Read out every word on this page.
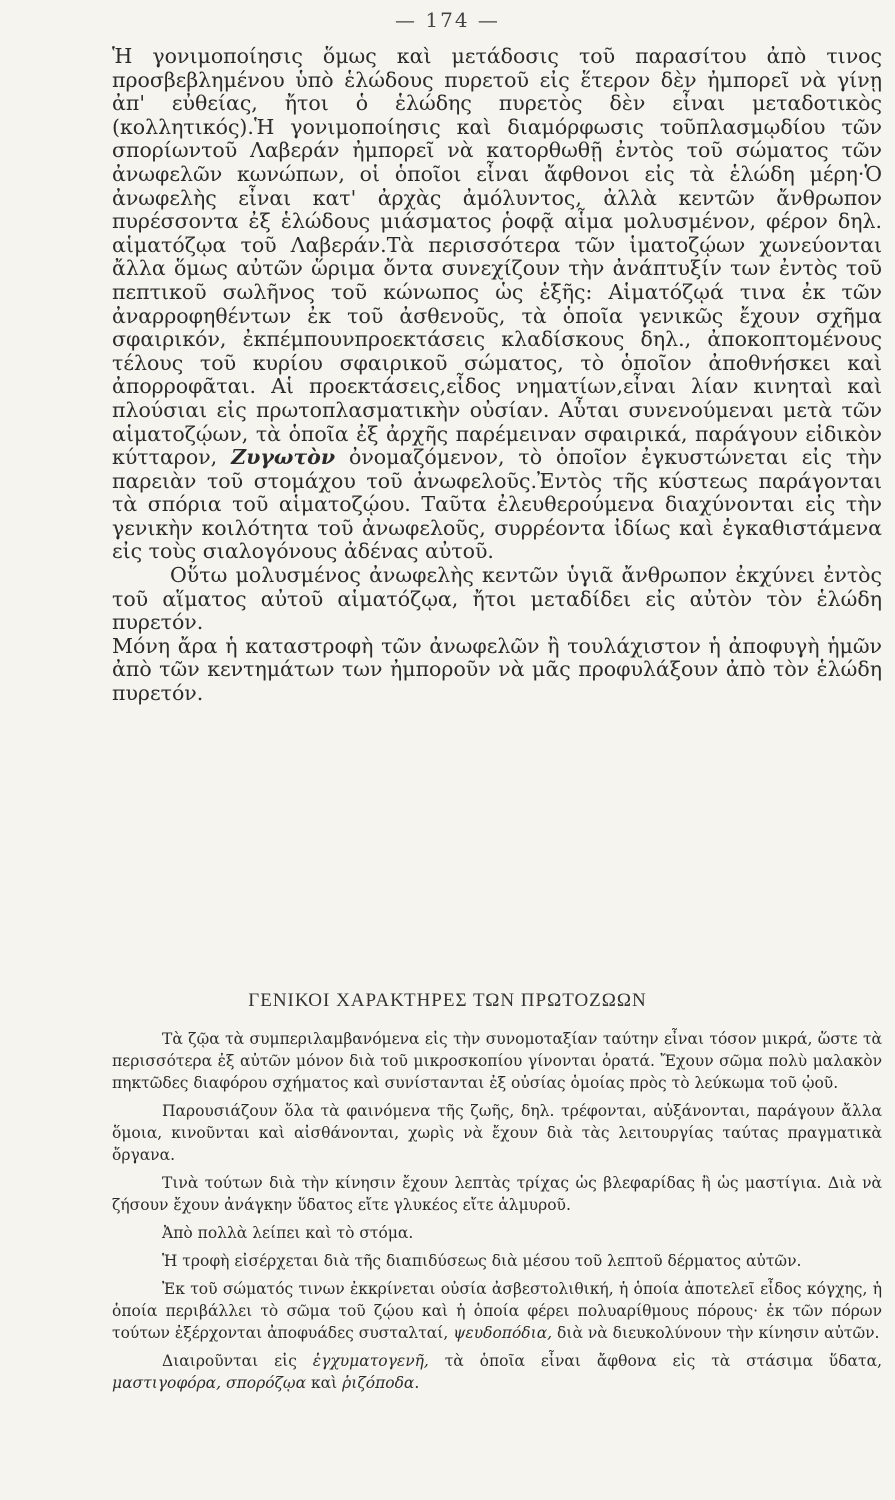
— 174 —

Ἡ γονιμοποίησις ὅμως καὶ μετάδοσις τοῦ παρασίτου ἀπὸ τινος προσβεβλημένου ὑπὸ ἑλώδους πυρετοῦ εἰς ἕτερον δὲν ἠμπορεῖ νὰ γίνῃ ἀπ' εὐθείας, ἤτοι ὁ ἑλώδης πυρετὸς δὲν εἶναι μεταδοτικὸς (κολλητικός).Ἡ γονιμοποίησις καὶ διαμόρφωσις τοῦπλασμῳδίου τῶν σπορίωντοῦ Λαβεράν ἠμπορεῖ νὰ κατορθωθῇ ἐντὸς τοῦ σώματος τῶν ἀνωφελῶν κωνώπων, οἱ ὁποῖοι εἶναι ἄφθονοι εἰς τὰ ἑλώδη μέρη·Ὁ ἀνωφελὴς εἶναι κατ' ἀρχὰς ἀμόλυντος, ἀλλὰ κεντῶν ἄνθρωπον πυρέσσοντα ἐξ ἑλώδους μιάσματος ῥοφᾷ αἷμα μολυσμένον, φέρον δηλ. αἱματόζῳα τοῦ Λαβεράν.Τὰ περισσότερα τῶν ἱματοζῴων χωνεύονται ἄλλα ὅμως αὐτῶν ὥριμα ὄντα συνεχίζουν τὴν ἀνάπτυξίν των ἐντὸς τοῦ πεπτικοῦ σωλῆνος τοῦ κώνωπος ὡς ἑξῆς: Αἱματόζῳά τινα ἐκ τῶν ἀναρροφηθέντων ἐκ τοῦ ἀσθενοῦς, τὰ ὁποῖα γενικῶς ἔχουν σχῆμα σφαιρικόν, ἐκπέμπουνπροεκτάσεις κλαδίσκους δηλ., ἀποκοπτομένους τέλους τοῦ κυρίου σφαιρικοῦ σώματος, τὸ ὁποῖον ἀποθνήσκει καὶ ἀπορροφᾶται. Αἱ προεκτάσεις,εἶδος νηματίων,εἶναι λίαν κινηταὶ καὶ πλούσιαι εἰς πρωτοπλασματικὴν οὐσίαν. Αὗται συνενούμεναι μετὰ τῶν αἱματοζῴων, τὰ ὁποῖα ἐξ ἀρχῆς παρέμειναν σφαιρικά, παράγουν εἰδικὸν κύτταρον, Ζυγωτὸν ὀνομαζόμενον, τὸ ὁποῖον ἐγκυστώνεται εἰς τὴν παρειὰν τοῦ στομάχου τοῦ ἀνωφελοῦς.Ἐντὸς τῆς κύστεως παράγονται τὰ σπόρια τοῦ αἱματοζῴου. Ταῦτα ἐλευθερούμενα διαχύνονται εἰς τὴν γενικὴν κοιλότητα τοῦ ἀνωφελοῦς, συρρέοντα ἰδίως καὶ ἐγκαθιστάμενα εἰς τοὺς σιαλογόνους ἀδένας αὐτοῦ.

Οὕτω μολυσμένος ἀνωφελὴς κεντῶν ὑγιᾶ ἄνθρωπον ἐκχύνει ἐντὸς τοῦ αἵματος αὐτοῦ αἱματόζῳα, ἤτοι μεταδίδει εἰς αὐτὸν τὸν ἑλώδη πυρετόν.

Μόνη ἄρα ἡ καταστροφὴ τῶν ἀνωφελῶν ἢ τουλάχιστον ἡ ἀποφυγὴ ἡμῶν ἀπὸ τῶν κεντημάτων των ἠμποροῦν νὰ μᾶς προφυλάξουν ἀπὸ τὸν ἑλώδη πυρετόν.

ΓΕΝΙΚΟΙ ΧΑΡΑΚΤΗΡΕΣ ΤΩΝ ΠΡΩΤΟΖΩΩΝ

Τὰ ζῷα τὰ συμπεριλαμβανόμενα εἰς τὴν συνομοταξίαν ταύτην εἶναι τόσον μικρά, ὥστε τὰ περισσότερα ἐξ αὐτῶν μόνον διὰ τοῦ μικροσκοπίου γίνονται ὁρατά. Ἔχουν σῶμα πολὺ μαλακὸν πηκτῶδες διαφόρου σχήματος καὶ συνίστανται ἐξ οὐσίας ὁμοίας πρὸς τὸ λεύκωμα τοῦ ᾠοῦ.

Παρουσιάζουν ὅλα τὰ φαινόμενα τῆς ζωῆς, δηλ. τρέφονται, αὐξάνονται, παράγουν ἄλλα ὅμοια, κινοῦνται καὶ αἰσθάνονται, χωρὶς νὰ ἔχουν διὰ τὰς λειτουργίας ταύτας πραγματικὰ ὄργανα.

Τινὰ τούτων διὰ τὴν κίνησιν ἔχουν λεπτὰς τρίχας ὡς βλεφαρίδας ἢ ὡς μαστίγια. Διὰ νὰ ζήσουν ἔχουν ἀνάγκην ὕδατος εἴτε γλυκέος εἴτε ἁλμυροῦ.

Ἀπὸ πολλὰ λείπει καὶ τὸ στόμα.

Ἡ τροφὴ εἰσέρχεται διὰ τῆς διαπιδύσεως διὰ μέσου τοῦ λεπτοῦ δέρματος αὐτῶν.

Ἐκ τοῦ σώματός τινων ἐκκρίνεται οὐσία ἀσβεστολιθική, ἡ ὁποία ἀποτελεῖ εἶδος κόγχης, ἡ ὁποία περιβάλλει τὸ σῶμα τοῦ ζῴου καὶ ἡ ὁποία φέρει πολυαρίθμους πόρους· ἐκ τῶν πόρων τούτων ἐξέρχονται ἀποφυάδες συσταλταί, ψευδοπόδια, διὰ νὰ διευκολύνουν τὴν κίνησιν αὐτῶν.

Διαιροῦνται εἰς ἐγχυματογενῆ, τὰ ὁποῖα εἶναι ἄφθονα εἰς τὰ στάσιμα ὕδατα, μαστιγοφόρα, σπορόζῳα καὶ ῥιζόποδα.
